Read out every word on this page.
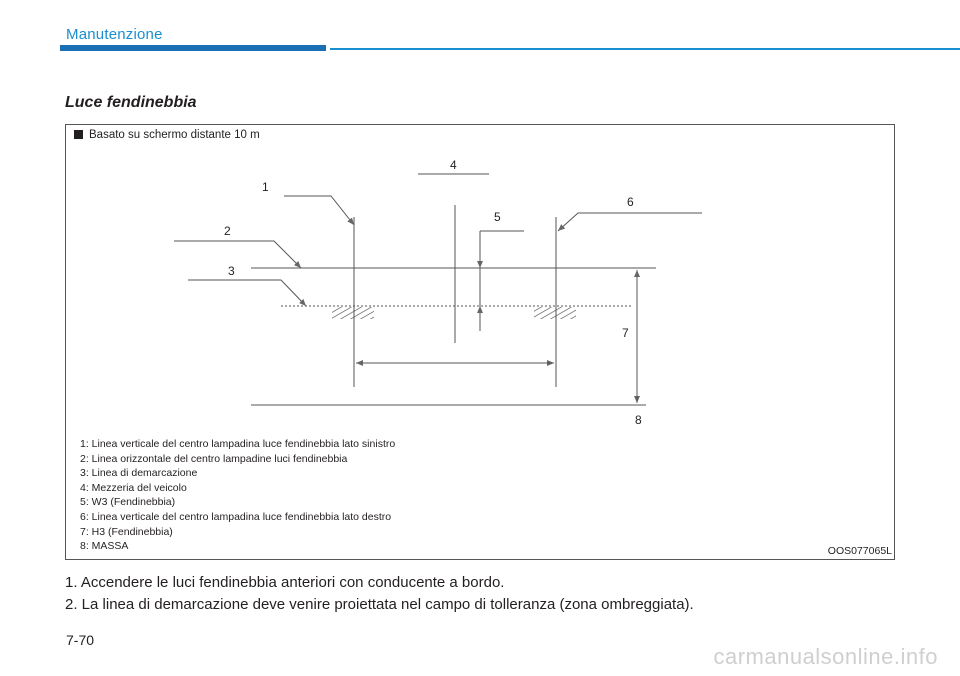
Manutenzione
Luce fendinebbia
Basato su schermo distante 10 m
1
2
3
4
5
6
7
8
1: Linea verticale del centro lampadina luce fendinebbia lato sinistro
2: Linea orizzontale del centro lampadine luci fendinebbia
3: Linea di demarcazione
4: Mezzeria del veicolo
5: W3 (Fendinebbia)
6: Linea verticale del centro lampadina luce fendinebbia lato destro
7: H3 (Fendinebbia)
8: MASSA	OOS077065L
1. Accendere le luci fendinebbia anteriori con conducente a bordo.
2. La linea di demarcazione deve venire proiettata nel campo di tolleranza (zona ombreggiata).
7-70
carmanualsonline.info
